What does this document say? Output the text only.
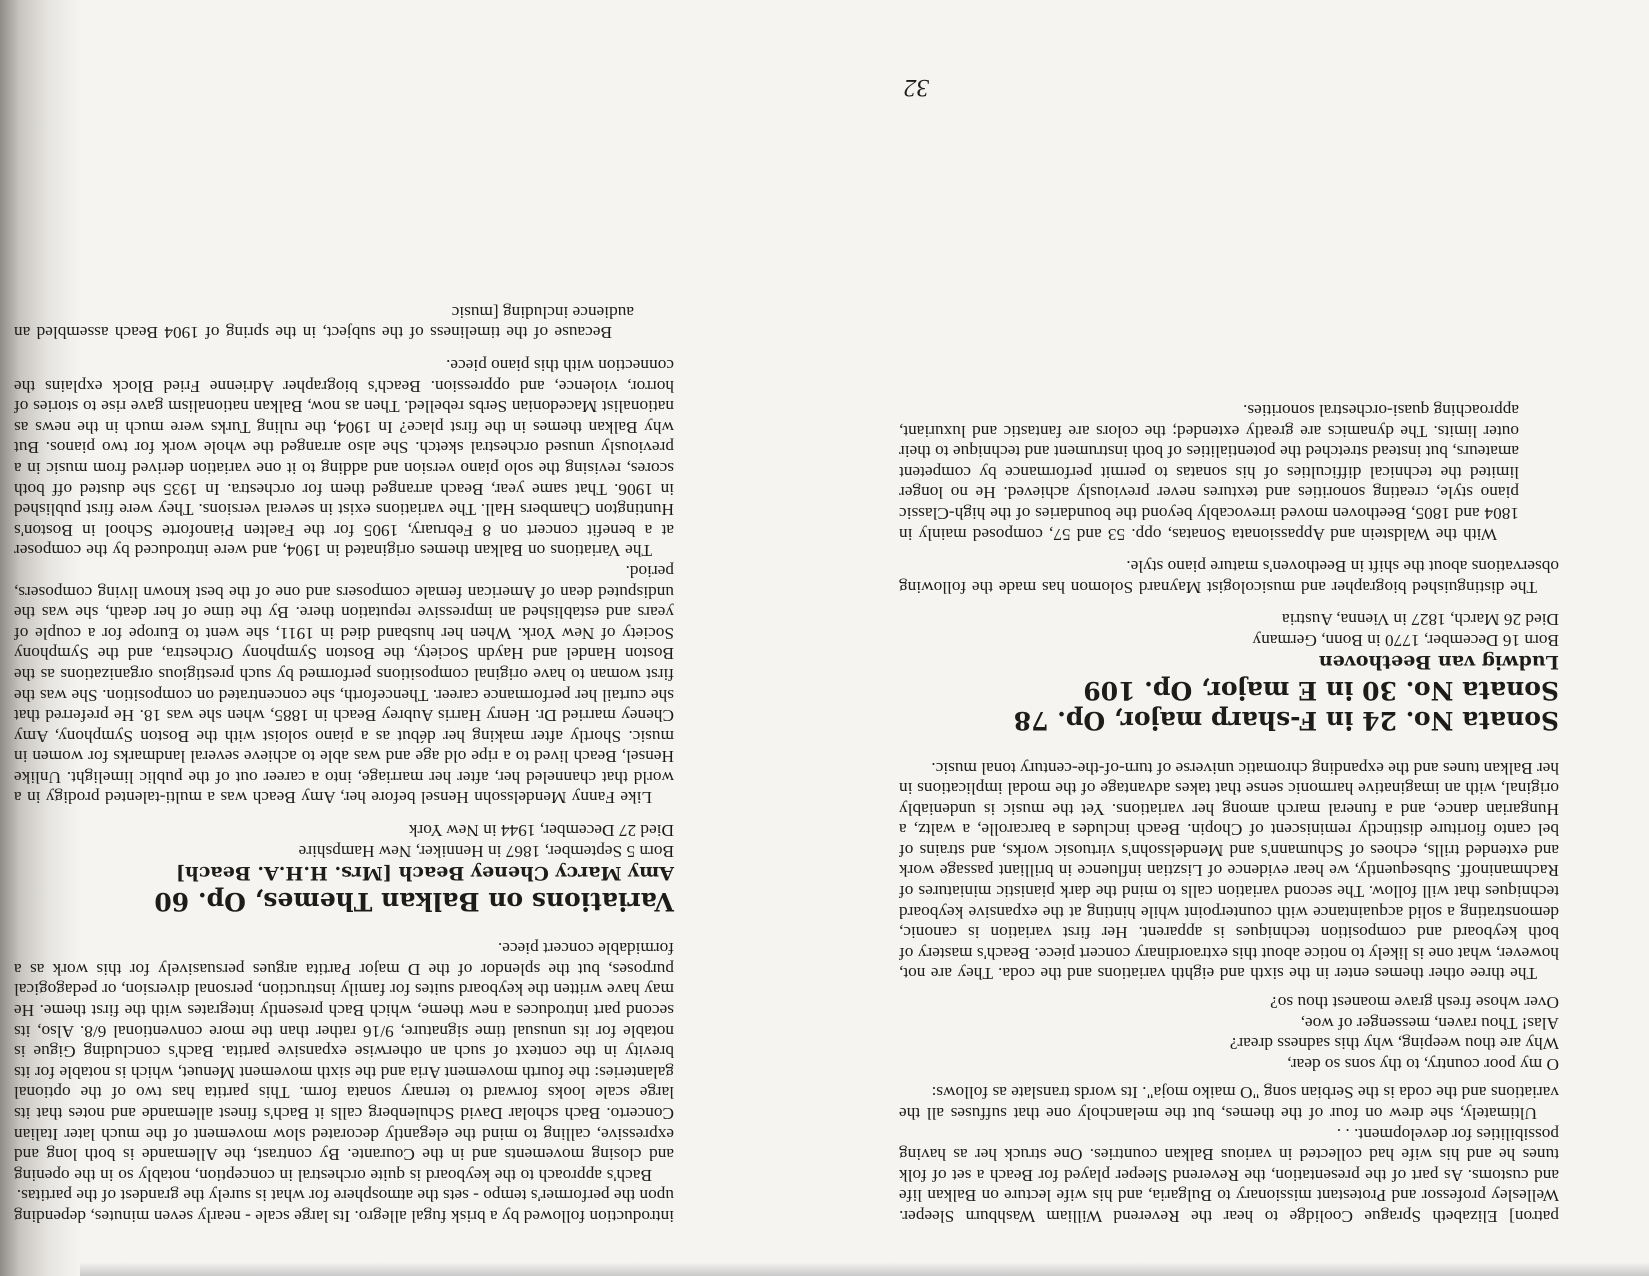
patron] Elizabeth Sprague Coolidge to hear the Reverend William Washburn Sleeper. Wellesley professor and Protestant missionary to Bulgaria, and his wife lecture on Balkan life and customs. As part of the presentation, the Reverend Sleeper played for Beach a set of folk tunes he and his wife had collected in various Balkan countries. One struck her as having possibilities for development. . .

Ultimately, she drew on four of the themes, but the melancholy one that suffuses all the variations and the coda is the Serbian song "O maiko moja". Its words translate as follows:

O my poor country, to thy sons so dear,
Why are thou weeping, why this sadness drear?
Alas! Thou raven, messenger of woe,
Over whose fresh grave moanest thou so?

The three other themes enter in the sixth and eighth variations and the coda. They are not, however, what one is likely to notice about this extraordinary concert piece. Beach's mastery of both keyboard and composition techniques is apparent. Her first variation is canonic, demonstrating a solid acquaintance with counterpoint while hinting at the expansive keyboard techniques that will follow. The second variation calls to mind the dark pianistic miniatures of Rachmaninoff. Subsequently, we hear evidence of Lisztian influence in brilliant passage work and extended trills, echoes of Schumann's and Mendelssohn's virtuosic works, and strains of bel canto fioriture distinctly reminiscent of Chopin. Beach includes a barcarolle, a waltz, a Hungarian dance, and a funeral march among her variations. Yet the music is undeniably original, with an imaginative harmonic sense that takes advantage of the modal implications in her Balkan tunes and the expanding chromatic universe of turn-of-the-century tonal music.

Sonata No. 24 in F-sharp major, Op. 78
Sonata No. 30 in E major, Op. 109
Ludwig van Beethoven

Born 16 December, 1770 in Bonn, Germany

Died 26 March, 1827 in Vienna, Austria

The distinguished biographer and musicologist Maynard Solomon has made the following observations about the shift in Beethoven's mature piano style.

With the Waldstein and Appassionata Sonatas, opp. 53 and 57, composed mainly in 1804 and 1805, Beethoven moved irrevocably beyond the boundaries of the high-Classic piano style, creating sonorities and textures never previously achieved. He no longer limited the technical difficulties of his sonatas to permit performance by competent amateurs, but instead stretched the potentialities of both instrument and technique to their outer limits. The dynamics are greatly extended; the colors are fantastic and luxuriant, approaching quasi-orchestral sonorities.

introduction followed by a brisk fugal allegro. Its large scale - nearly seven minutes, depending upon the performer's tempo - sets the atmosphere for what is surely the grandest of the partitas.

Bach's approach to the keyboard is quite orchestral in conception, notably so in the opening and closing movements and in the Courante. By contrast, the Allemande is both long and expressive, calling to mind the elegantly decorated slow movement of the much later Italian Concerto. Bach scholar David Schulenberg calls it Bach's finest allemande and notes that its large scale looks forward to ternary sonata form. This partita has two of the optional galanteries: the fourth movement Aria and the sixth movement Menuet, which is notable for its brevity in the context of such an otherwise expansive partita. Bach's concluding Gigue is notable for its unusual time signature, 9/16 rather than the more conventional 6/8. Also, its second part introduces a new theme, which Bach presently integrates with the first theme. He may have written the keyboard suites for family instruction, personal diversion, or pedagogical purposes, but the splendor of the D major Partita argues persuasively for this work as a formidable concert piece.

Variations on Balkan Themes, Op. 60
Amy Marcy Cheney Beach [Mrs. H.H.A. Beach]

Born 5 September, 1867 in Henniker, New Hampshire

Died 27 December, 1944 in New York

Like Fanny Mendelssohn Hensel before her, Amy Beach was a multi-talented prodigy in a world that channeled her, after her marriage, into a career out of the public limelight. Unlike Hensel, Beach lived to a ripe old age and was able to achieve several landmarks for women in music. Shortly after making her début as a piano soloist with the Boston Symphony, Amy Cheney married Dr. Henry Harris Aubrey Beach in 1885, when she was 18. He preferred that she curtail her performance career. Thenceforth, she concentrated on composition. She was the first woman to have original compositions performed by such prestigious organizations as the Boston Handel and Haydn Society, the Boston Symphony Orchestra, and the Symphony Society of New York. When her husband died in 1911, she went to Europe for a couple of years and established an impressive reputation there. By the time of her death, she was the undisputed dean of American female composers and one of the best known living composers, period.

The Variations on Balkan themes originated in 1904, and were introduced by the composer at a benefit concert on 8 February, 1905 for the Faelten Pianoforte School in Boston's Huntington Chambers Hall. The variations exist in several versions. They were first published in 1906. That same year, Beach arranged them for orchestra. In 1935 she dusted off both scores, revising the solo piano version and adding to it one variation derived from music in a previously unused orchestral sketch. She also arranged the whole work for two pianos. But why Balkan themes in the first place? In 1904, the ruling Turks were much in the news as nationalist Macedonian Serbs rebelled. Then as now, Balkan nationalism gave rise to stories of horror, violence, and oppression. Beach's biographer Adrienne Fried Block explains the connection with this piano piece.

Because of the timeliness of the subject, in the spring of 1904 Beach assembled an audience including [music

32
